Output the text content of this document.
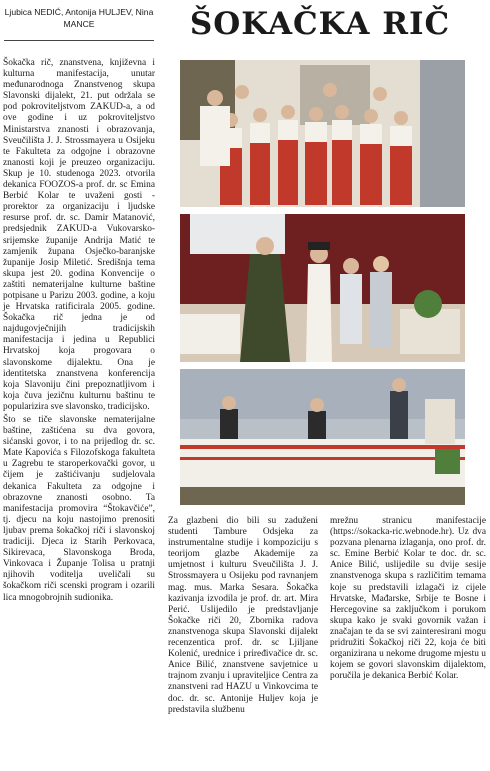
Ljubica NEDIĆ, Antonija HULJEV, Nina MANCE	ŠOKAČKA RIČ

Šokačka rič, znanstvena, književna i kulturna manifestacija, unutar međunarodnoga Znanstvenog skupa Slavonski dijalekt, 21. put održala se pod pokroviteljstvom ZAKUD-a, a od ove godine i uz pokroviteljstvo Ministarstva znanosti i obrazovanja, Sveučilišta J. J. Strossmayera u Osijeku te Fakulteta za odgojne i obrazovne znanosti koji je preuzeo organizaciju. Skup je 10. studenoga 2023. otvorila dekanica FOOZOS-a prof. dr. sc Emina Berbić Kolar te uvaženi gosti - prorektor za organizaciju i ljudske resurse prof. dr. sc. Damir Matanović, predsjednik ZAKUD-a Vukovarsko-srijemske županije Andrija Matić te zamjenik župana Osječko-baranjske županije Josip Miletić. Središnja tema skupa jest 20. godina Konvencije o zaštiti nematerijalne kulturne baštine potpisane u Parizu 2003. godine, a koju je Hrvatska ratificirala 2005. godine. Šokačka rič jedna je od najdugovječnijih tradicijskih manifestacija i jedina u Republici Hrvatskoj koja progovara o slavonskome dijalektu. Ona je identitetska znanstvena konferencija koja Slavoniju čini prepoznatljivom i koja čuva jezičnu kulturnu baštinu te popularizira sve slavonsko, tradicijsko.

Što se tiče slavonske nematerijalne baštine, zaštićena su dva govora, sićanski govor, i to na prijedlog dr. sc. Mate Kapovića s Filozofskoga fakulteta u Zagrebu te staroperkovački govor, u čijem je zaštićivanju sudjelovala dekanica Fakulteta za odgojne i obrazovne znanosti osobno. Ta manifestacija promovira “Štokavčiće”, tj. djecu na koju nastojimo prenositi ljubav prema šokačkoj riči i slavonskoj tradiciji. Djeca iz Starih Perkovaca, Sikirevaca, Slavonskoga Broda, Vinkovaca i Županje Tolisa u pratnji njihovih voditelja uveličali su šokačkom riči scenski program i ozarili lica mnogobrojnih sudionika.

Za glazbeni dio bili su zaduženi studenti Tambure Odsjeka za instrumentalne studije i kompoziciju s teorijom glazbe Akademije za umjetnost i kulturu Sveučilišta J. J. Strossmayera u Osijeku pod ravnanjem mag. mus. Marka Sesara. Šokačka kazivanja izvodila je prof. dr. art. Mira Perić. Uslijedilo je predstavljanje Šokačke riči 20, Zbornika radova znanstvenoga skupa Slavonski dijalekt recenzentica prof. dr. sc Ljiljane Kolenić, urednice i priređivačice dr. sc. Anice Bilić, znanstvene savjetnice u trajnom zvanju i upraviteljice Centra za znanstveni rad HAZU u Vinkovcima te doc. dr. sc. Antonije Huljev koja je predstavila službenu

mrežnu stranicu manifestacije (https://sokacka-ric.webnode.hr). Uz dva pozvana plenarna izlaganja, ono prof. dr. sc. Emine Berbić Kolar te doc. dr. sc. Anice Bilić, uslijedile su dvije sesije znanstvenoga skupa s različitim temama koje su predstavili izlagači iz cijele Hrvatske, Mađarske, Srbije te Bosne i Hercegovine sa zaključkom i porukom skupa kako je svaki govornik važan i značajan te da se svi zainteresirani mogu pridružiti Šokačkoj riči 22, koja će biti organizirana u nekome drugome mjestu u kojem se govori slavonskim dijalektom, poručila je dekanica Berbić Kolar.
